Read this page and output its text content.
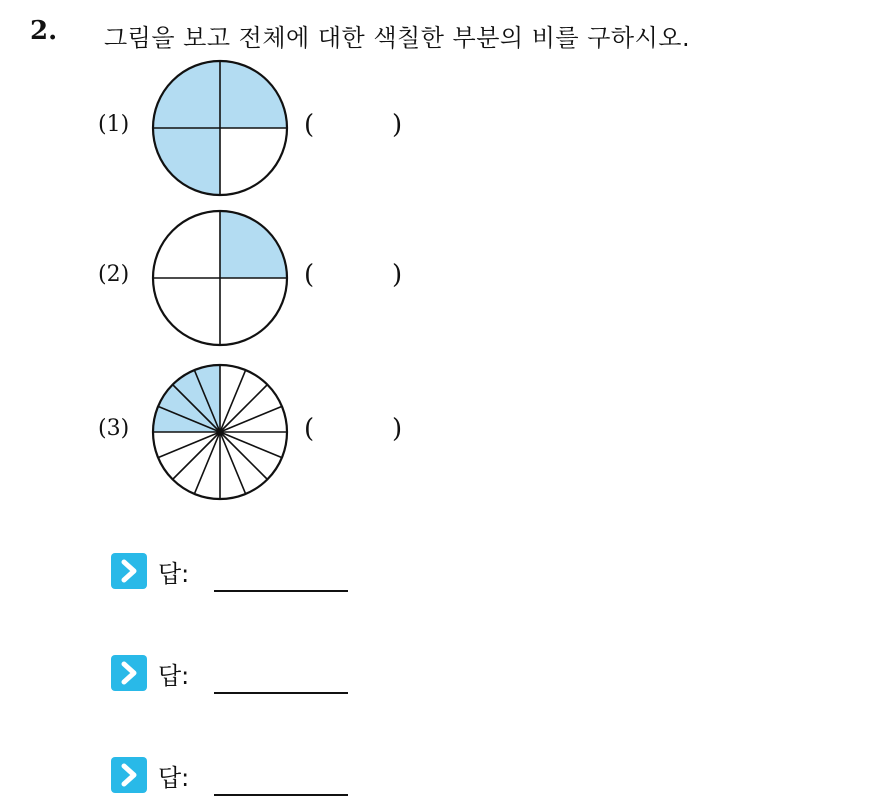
2. 그림을 보고 전체에 대한 색칠한 부분의 비를 구하시오.
(1)	(	)
(2)	(	)
(3)	(	)
답:
답:
답:
